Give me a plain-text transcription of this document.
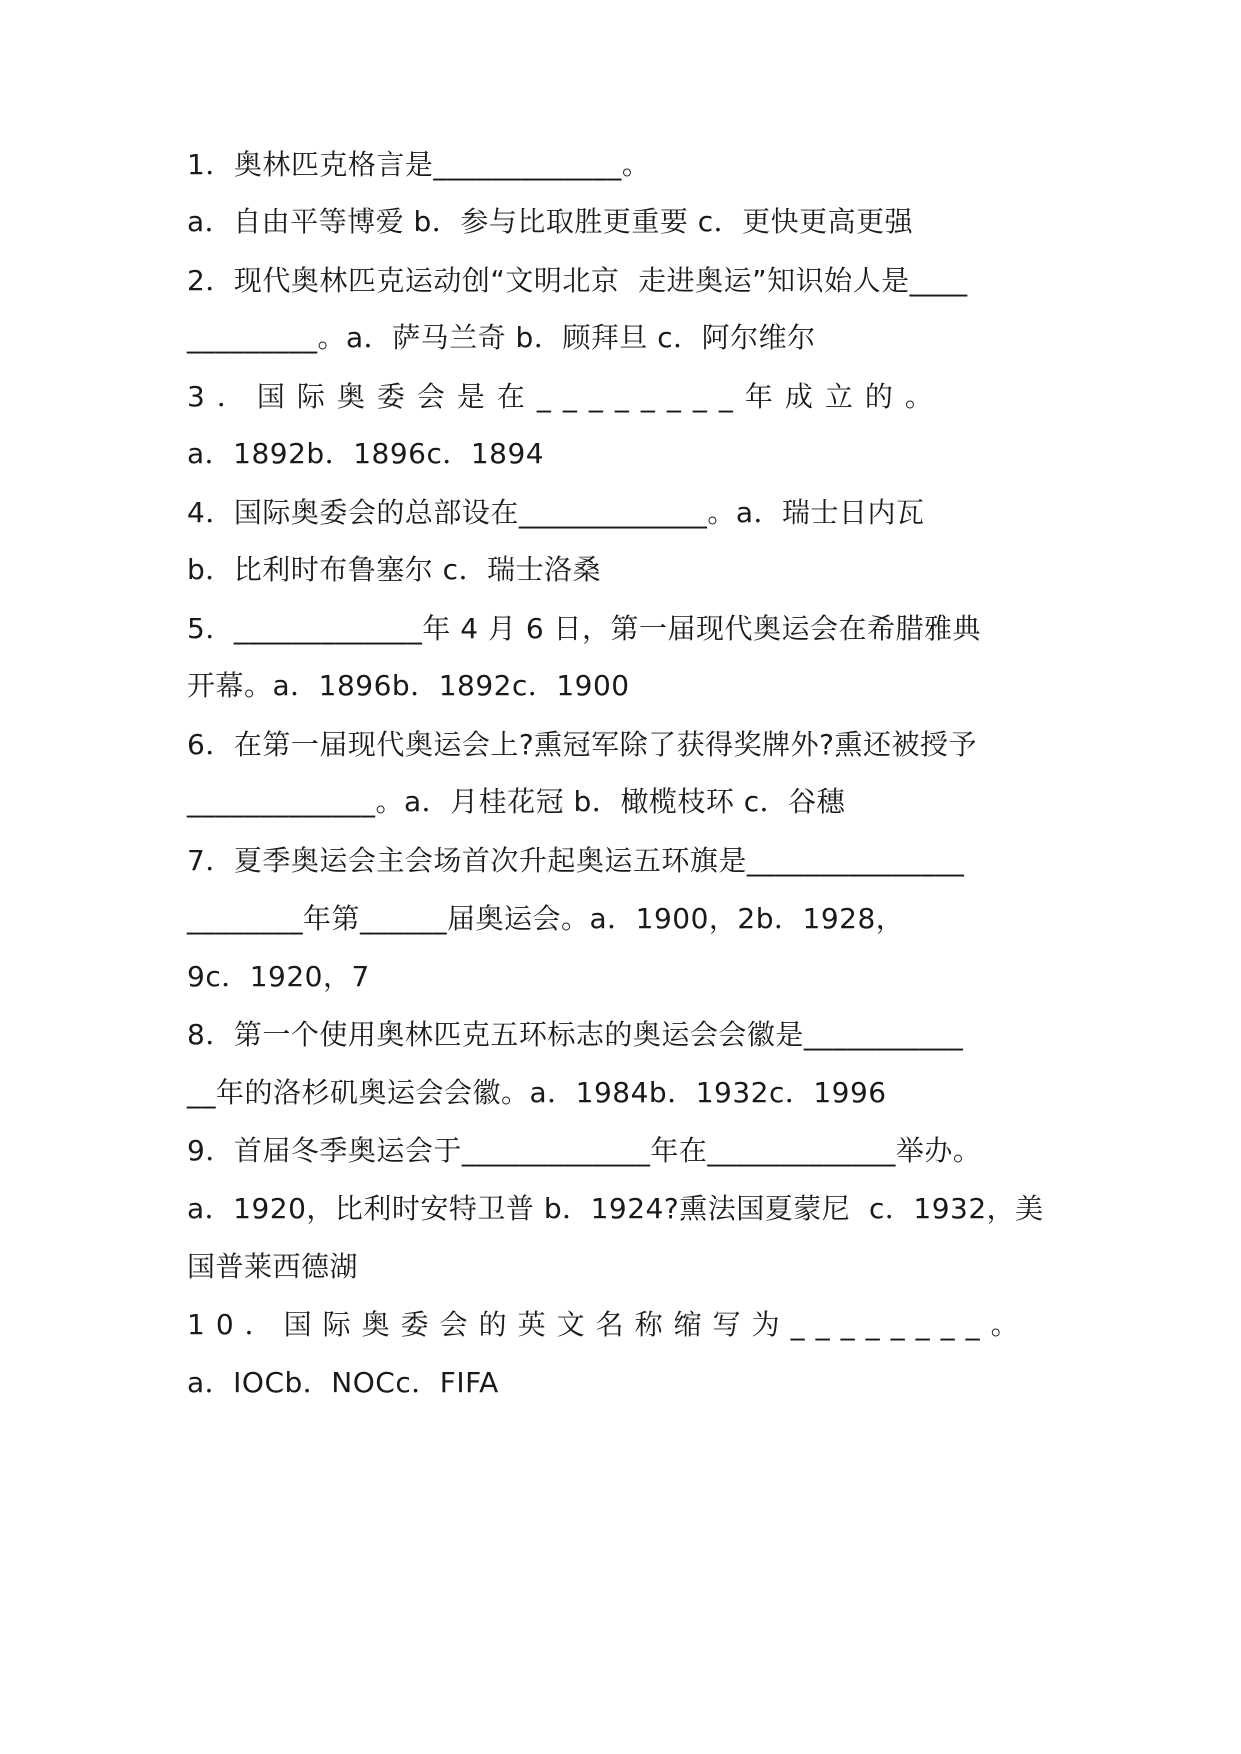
1．奥林匹克格言是_____________。
a．自由平等博爱 b．参与比取胜更重要 c．更快更高更强
2．现代奥林匹克运动创“文明北京  走进奥运”知识始人是____
_________。a．萨马兰奇 b．顾拜旦 c．阿尔维尔
3．国际奥委会是在________年成立的。
a．1892b．1896c．1894
4．国际奥委会的总部设在_____________。a．瑞士日内瓦
b．比利时布鲁塞尔 c．瑞士洛桑
5．_____________年 4 月 6 日，第一届现代奥运会在希腊雅典
开幕。a．1896b．1892c．1900
6．在第一届现代奥运会上?熏冠军除了获得奖牌外?熏还被授予
_____________。a．月桂花冠 b．橄榄枝环 c．谷穗
7．夏季奥运会主会场首次升起奥运五环旗是_______________
________年第______届奥运会。a．1900，2b．1928，
9c．1920，7
8．第一个使用奥林匹克五环标志的奥运会会徽是___________
__年的洛杉矶奥运会会徽。a．1984b．1932c．1996
9．首届冬季奥运会于_____________年在_____________举办。
a．1920，比利时安特卫普 b．1924?熏法国夏蒙尼  c．1932，美
国普莱西德湖
10．国际奥委会的英文名称缩写为________。
a．IOCb．NOCc．FIFA
